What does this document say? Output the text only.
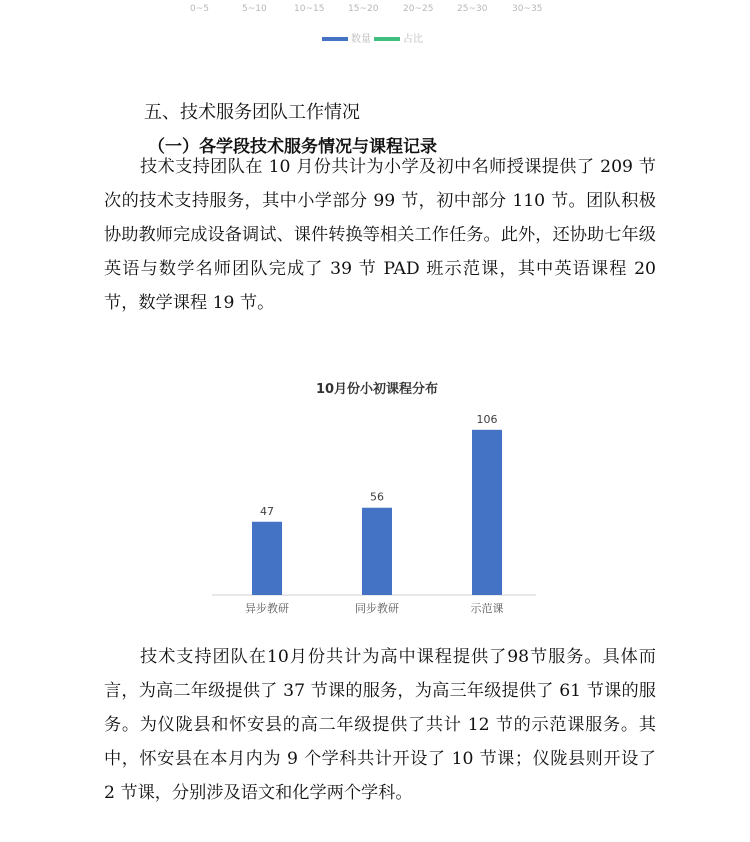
0~5	5~10	10~15	15~20	20~25	25~30	30~35
数量	占比
五、技术服务团队工作情况
（一）各学段技术服务情况与课程记录

技术支持团队在 10 月份共计为小学及初中名师授课提供了 209 节次的技术支持服务，其中小学部分 99 节，初中部分 110 节。团队积极协助教师完成设备调试、课件转换等相关工作任务。此外，还协助七年级英语与数学名师团队完成了 39 节 PAD 班示范课，其中英语课程 20 节，数学课程 19 节。

10月份小初课程分布
47
异步教研
56
同步教研
106
示范课

技术支持团队在10月份共计为高中课程提供了98节服务。具体而言，为高二年级提供了 37 节课的服务，为高三年级提供了 61 节课的服务。为仪陇县和怀安县的高二年级提供了共计 12 节的示范课服务。其中，怀安县在本月内为 9 个学科共计开设了 10 节课；仪陇县则开设了 2 节课，分别涉及语文和化学两个学科。
